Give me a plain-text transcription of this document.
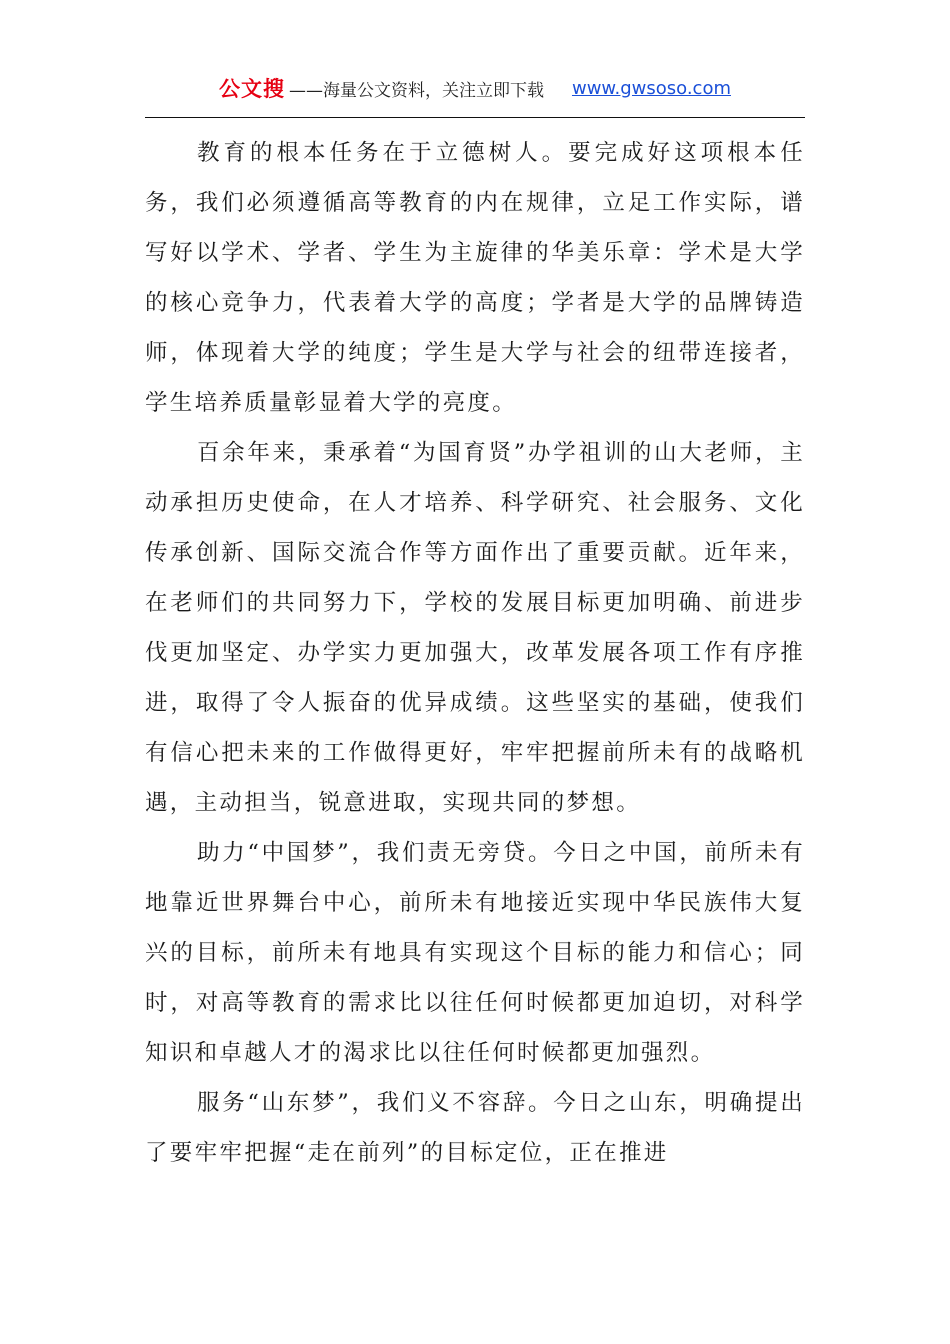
公文搜 ——海量公文资料，关注立即下载 www.gwsoso.com

教育的根本任务在于立德树人。要完成好这项根本任务，我们必须遵循高等教育的内在规律，立足工作实际，谱写好以学术、学者、学生为主旋律的华美乐章：学术是大学的核心竞争力，代表着大学的高度；学者是大学的品牌铸造师，体现着大学的纯度；学生是大学与社会的纽带连接者，学生培养质量彰显着大学的亮度。

百余年来，秉承着“为国育贤”办学祖训的山大老师，主动承担历史使命，在人才培养、科学研究、社会服务、文化传承创新、国际交流合作等方面作出了重要贡献。近年来，在老师们的共同努力下，学校的发展目标更加明确、前进步伐更加坚定、办学实力更加强大，改革发展各项工作有序推进，取得了令人振奋的优异成绩。这些坚实的基础，使我们有信心把未来的工作做得更好，牢牢把握前所未有的战略机遇，主动担当，锐意进取，实现共同的梦想。

助力“中国梦”，我们责无旁贷。今日之中国，前所未有地靠近世界舞台中心，前所未有地接近实现中华民族伟大复兴的目标，前所未有地具有实现这个目标的能力和信心；同时，对高等教育的需求比以往任何时候都更加迫切，对科学知识和卓越人才的渴求比以往任何时候都更加强烈。

服务“山东梦”，我们义不容辞。今日之山东，明确提出了要牢牢把握“走在前列”的目标定位，正在推进
